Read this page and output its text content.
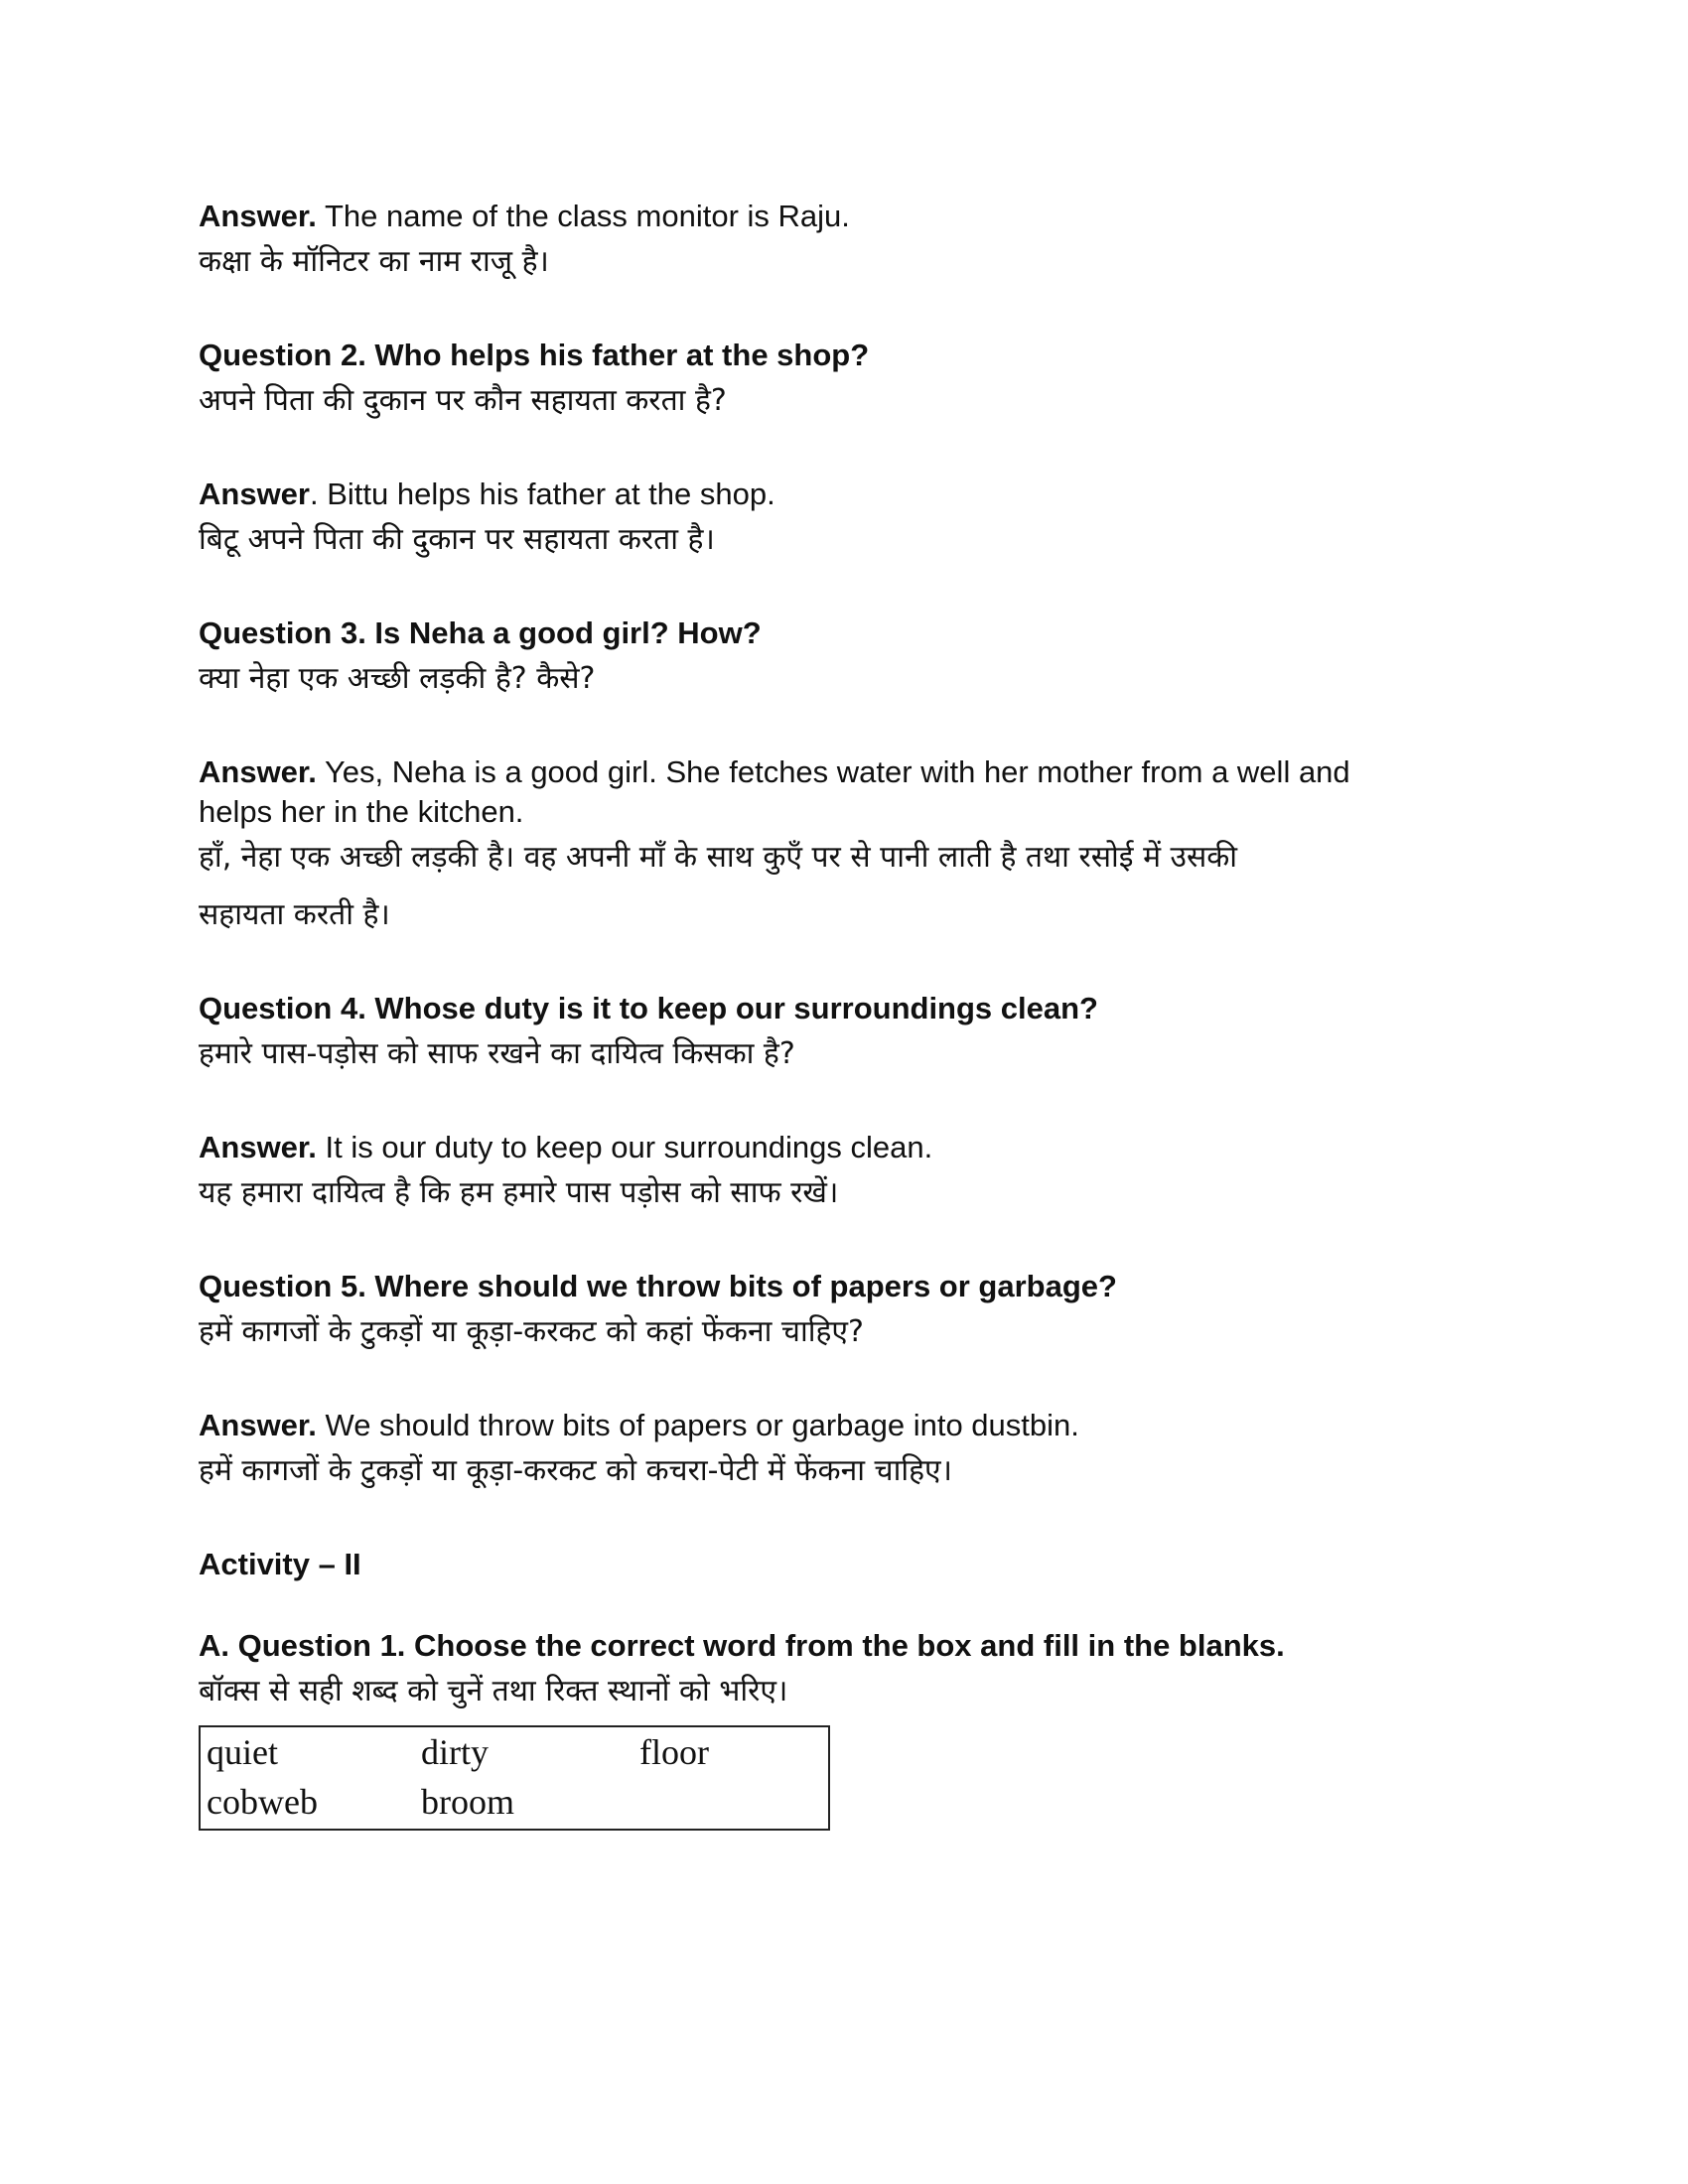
Answer. The name of the class monitor is Raju.

कक्षा के मॉनिटर का नाम राजू है।

Question 2. Who helps his father at the shop?

अपने पिता की दुकान पर कौन सहायता करता है?

Answer. Bittu helps his father at the shop.

बिटू अपने पिता की दुकान पर सहायता करता है।

Question 3. Is Neha a good girl? How?

क्या नेहा एक अच्छी लड़की है? कैसे?

Answer. Yes, Neha is a good girl. She fetches water with her mother from a well and

helps her in the kitchen.

हाँ, नेहा एक अच्छी लड़की है। वह अपनी माँ के साथ कुएँ पर से पानी लाती है तथा रसोई में उसकी

सहायता करती है।

Question 4. Whose duty is it to keep our surroundings clean?

हमारे पास-पड़ोस को साफ रखने का दायित्व किसका है?

Answer. It is our duty to keep our surroundings clean.

यह हमारा दायित्व है कि हम हमारे पास पड़ोस को साफ रखें।

Question 5. Where should we throw bits of papers or garbage?

हमें कागजों के टुकड़ों या कूड़ा-करकट को कहां फेंकना चाहिए?

Answer. We should throw bits of papers or garbage into dustbin.

हमें कागजों के टुकड़ों या कूड़ा-करकट को कचरा-पेटी में फेंकना चाहिए।

Activity – II

A. Question 1. Choose the correct word from the box and fill in the blanks.

बॉक्स से सही शब्द को चुनें तथा रिक्त स्थानों को भरिए।

quiet	dirty	floor
cobweb	broom
